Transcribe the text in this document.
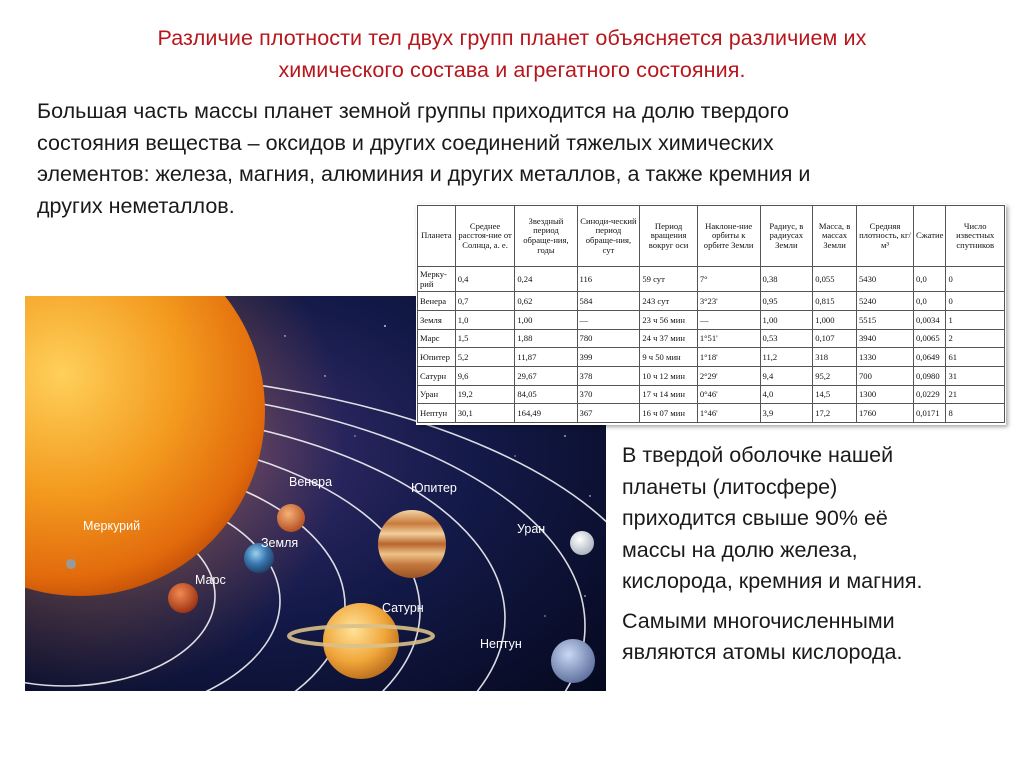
Различие плотности тел двух групп планет объясняется различием их
химического состава и агрегатного состояния.
Большая часть массы планет земной группы приходится на долю твердого
состояния вещества – оксидов и других соединений тяжелых химических
элементов: железа, магния, алюминия и других металлов, а также кремния и
других неметаллов.
Меркурий
Венера
Земля
Марс
Юпитер
Уран
Сатурн
Нептун
Планета	Среднее расстоя-ние от Солнца, а. е.	Звездный период обраще-ния, годы	Синоди-ческий период обраще-ния, сут	Период вращения вокруг оси	Наклоне-ние орбиты к орбите Земли	Радиус, в радиусах Земли	Масса, в массах Земли	Средняя плотность, кг/м³	Сжатие	Число известных спутников
Мерку-рий	0,4	0,24	116	59 сут	7°	0,38	0,055	5430	0,0	0
Венера	0,7	0,62	584	243 сут	3°23'	0,95	0,815	5240	0,0	0
Земля	1,0	1,00	—	23 ч 56 мин	—	1,00	1,000	5515	0,0034	1
Марс	1,5	1,88	780	24 ч 37 мин	1°51'	0,53	0,107	3940	0,0065	2
Юпитер	5,2	11,87	399	9 ч 50 мин	1°18'	11,2	318	1330	0,0649	61
Сатурн	9,6	29,67	378	10 ч 12 мин	2°29'	9,4	95,2	700	0,0980	31
Уран	19,2	84,05	370	17 ч 14 мин	0°46'	4,0	14,5	1300	0,0229	21
Нептун	30,1	164,49	367	16 ч 07 мин	1°46'	3,9	17,2	1760	0,0171	8

В твердой оболочке нашей
планеты (литосфере)
приходится свыше 90% её
массы на долю железа,
кислорода, кремния и магния.

Самыми многочисленными
являются атомы кислорода.
